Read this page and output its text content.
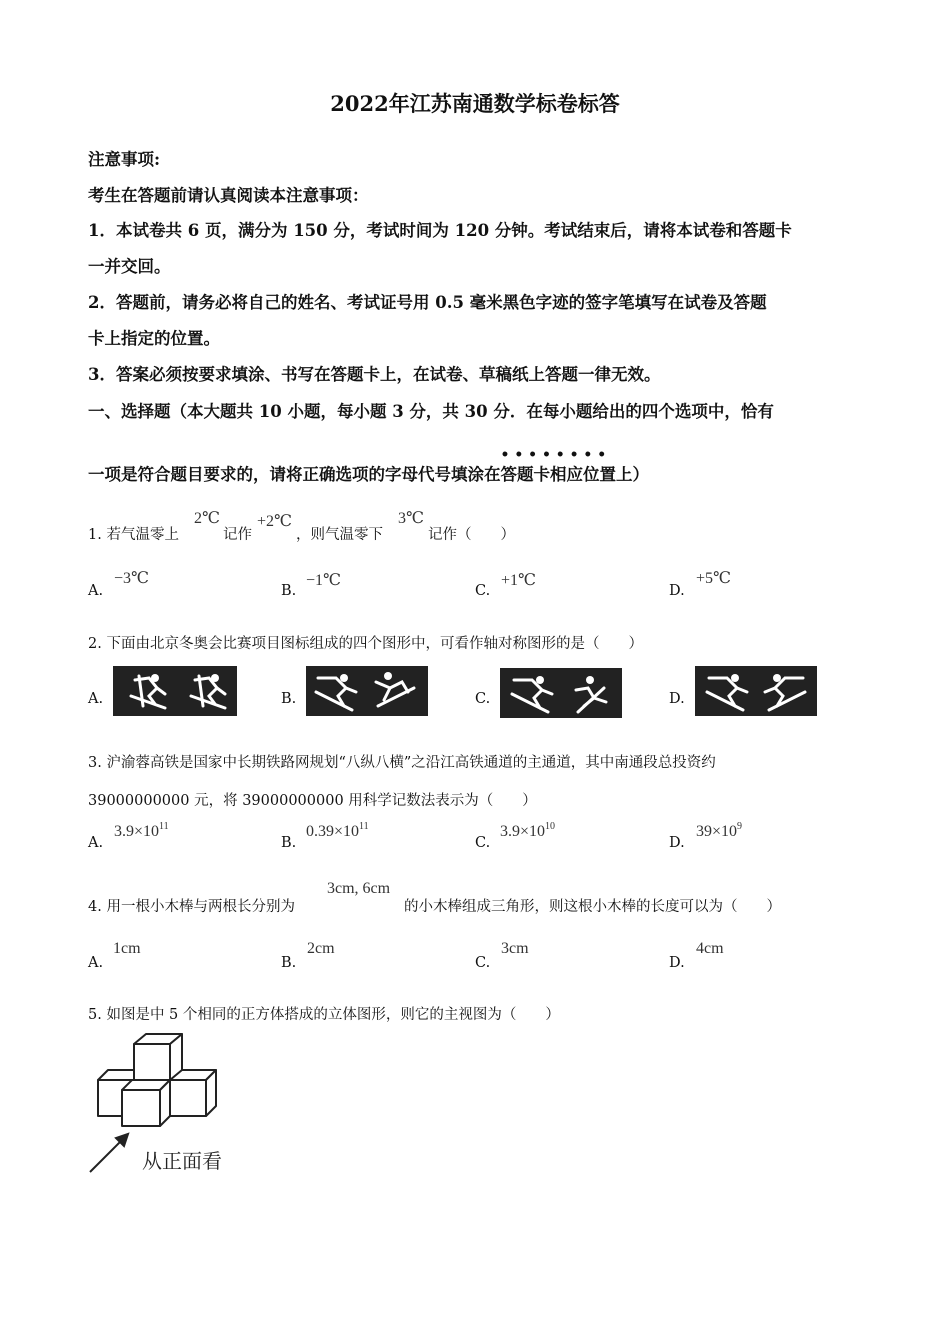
2022年江苏南通数学标卷标答
注意事项:
考生在答题前请认真阅读本注意事项：
1．本试卷共 6 页，满分为 150 分，考试时间为 120 分钟。考试结束后，请将本试卷和答题卡
一并交回。
2．答题前，请务必将自己的姓名、考试证号用 0.5 毫米黑色字迹的签字笔填写在试卷及答题
卡上指定的位置。
3．答案必须按要求填涂、书写在答题卡上，在试卷、草稿纸上答题一律无效。
一、选择题（本大题共 10 小题，每小题 3 分，共 30 分．在每小题给出的四个选项中，恰有
一项是符合题目要求的，请将正确选项的字母代号填涂在
• • • • • • • •
答题卡相应位置上）
1. 若气温零上
2℃
记作
+2℃
，则气温零下
3℃
记作（　　）
A.
−3℃
B.
−1℃
C.
+1℃
D.
+5℃
2. 下面由北京冬奥会比赛项目图标组成的四个图形中，可看作轴对称图形的是（　　）
A.	B.	C.	D.
3. 沪渝蓉高铁是国家中长期铁路网规划“八纵八横”之沿江高铁通道的主通道，其中南通段总投资约
39000000000 元，将 39000000000 用科学记数法表示为（　　）
A.
$3.9\times 10^{11}$
B.
$0.39\times 10^{11}$
C.
$3.9\times 10^{10}$
D.
$39\times 10^9$
4. 用一根小木棒与两根长分别为
3cm, 6cm
的小木棒组成三角形，则这根小木棒的长度可以为（　　）
A.
1cm
B.
2cm
C.
3cm
D.
4cm
5. 如图是中 5 个相同的正方体搭成的立体图形，则它的主视图为（　　）
从正面看
